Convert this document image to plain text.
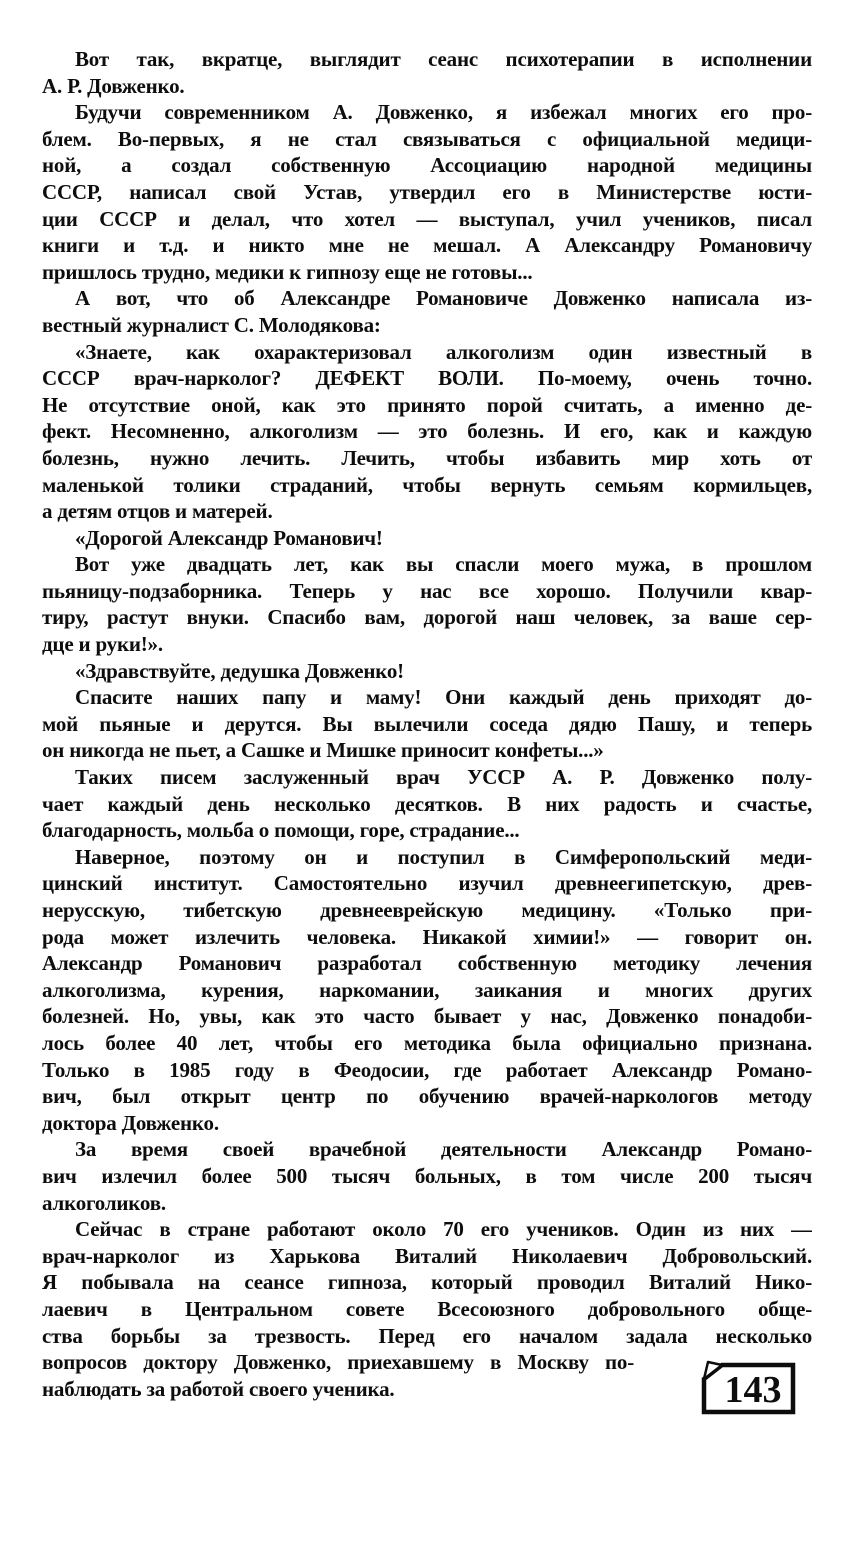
Вот так, вкратце, выглядит сеанс психотерапии в исполнении
А. Р. Довженко.

Будучи современником А. Довженко, я избежал многих его про-
блем. Во-первых, я не стал связываться с официальной медици-
ной, а создал собственную Ассоциацию народной медицины
СССР, написал свой Устав, утвердил его в Министерстве юсти-
ции СССР и делал, что хотел — выступал, учил учеников, писал
книги и т.д. и никто мне не мешал. А Александру Романовичу
пришлось трудно, медики к гипнозу еще не готовы...

А вот, что об Александре Романовиче Довженко написала из-
вестный журналист С. Молодякова:

«Знаете, как охарактеризовал алкоголизм один известный в
СССР врач-нарколог? ДЕФЕКТ ВОЛИ. По-моему, очень точно.
Не отсутствие оной, как это принято порой считать, а именно де-
фект. Несомненно, алкоголизм — это болезнь. И его, как и каждую
болезнь, нужно лечить. Лечить, чтобы избавить мир хоть от
маленькой толики страданий, чтобы вернуть семьям кормильцев,
а детям отцов и матерей.

«Дорогой Александр Романович!

Вот уже двадцать лет, как вы спасли моего мужа, в прошлом
пьяницу-подзаборника. Теперь у нас все хорошо. Получили квар-
тиру, растут внуки. Спасибо вам, дорогой наш человек, за ваше сер-
дце и руки!».

«Здравствуйте, дедушка Довженко!

Спасите наших папу и маму! Они каждый день приходят до-
мой пьяные и дерутся. Вы вылечили соседа дядю Пашу, и теперь
он никогда не пьет, а Сашке и Мишке приносит конфеты...»

Таких писем заслуженный врач УССР А. Р. Довженко полу-
чает каждый день несколько десятков. В них радость и счастье,
благодарность, мольба о помощи, горе, страдание...

Наверное, поэтому он и поступил в Симферопольский меди-
цинский институт. Самостоятельно изучил древнеегипетскую, древ-
нерусскую, тибетскую древнееврейскую медицину. «Только при-
рода может излечить человека. Никакой химии!» — говорит он.
Александр Романович разработал собственную методику лечения
алкоголизма, курения, наркомании, заикания и многих других
болезней. Но, увы, как это часто бывает у нас, Довженко понадоби-
лось более 40 лет, чтобы его методика была официально признана.
Только в 1985 году в Феодосии, где работает Александр Романо-
вич, был открыт центр по обучению врачей-наркологов методу
доктора Довженко.

За время своей врачебной деятельности Александр Романо-
вич излечил более 500 тысяч больных, в том числе 200 тысяч
алкоголиков.

Сейчас в стране работают около 70 его учеников. Один из них —
врач-нарколог из Харькова Виталий Николаевич Добровольский.
Я побывала на сеансе гипноза, который проводил Виталий Нико-
лаевич в Центральном совете Всесоюзного добровольного обще-
ства борьбы за трезвость. Перед его началом задала несколько
вопросов доктору Довженко, приехавшему в Москву по-
наблюдать за работой своего ученика.	143
